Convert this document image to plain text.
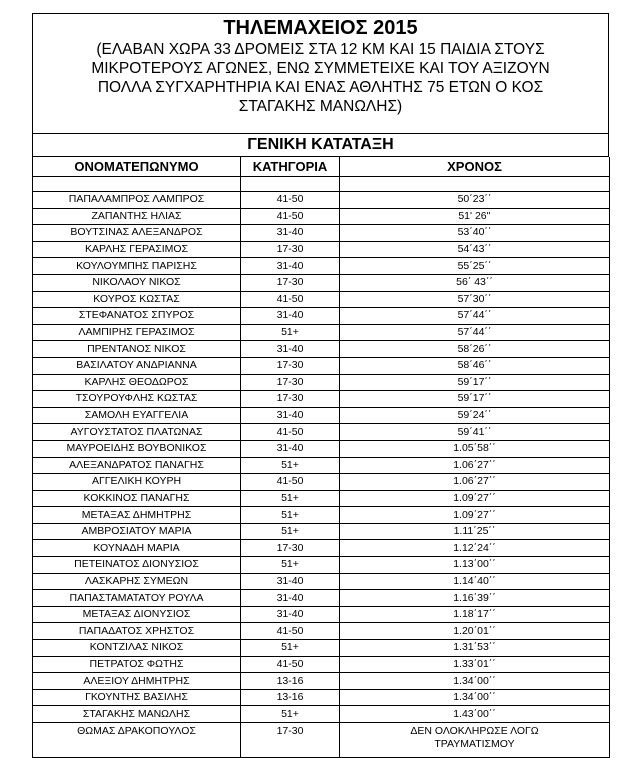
ΤΗΛΕΜΑΧΕΙΟΣ 2015
(ΕΛΑΒΑΝ ΧΩΡΑ 33 ΔΡΟΜΕΙΣ ΣΤΑ 12 ΚΜ ΚΑΙ 15 ΠΑΙΔΙΑ ΣΤΟΥΣ
ΜΙΚΡΟΤΕΡΟΥΣ ΑΓΩΝΕΣ, ΕΝΩ ΣΥΜΜΕΤΕΙΧΕ ΚΑΙ ΤΟΥ ΑΞΙΖΟΥΝ
ΠΟΛΛΑ ΣΥΓΧΑΡΗΤΗΡΙΑ ΚΑΙ ΕΝΑΣ ΑΘΛΗΤΗΣ 75 ΕΤΩΝ Ο ΚΟΣ
ΣΤΑΓΑΚΗΣ ΜΑΝΩΛΗΣ)
ΓΕΝΙΚΗ ΚΑΤΑΤΑΞΗ
ΟΝΟΜΑΤΕΠΩΝΥΜΟ	ΚΑΤΗΓΟΡΙΑ	ΧΡΟΝΟΣ

ΠΑΠΑΛΑΜΠΡΟΣ ΛΑΜΠΡΟΣ	41-50	50΄23΄΄
ΖΑΠΑΝΤΗΣ ΗΛΙΑΣ	41-50	51' 26''
ΒΟΥΤΣΙΝΑΣ ΑΛΕΞΑΝΔΡΟΣ	31-40	53΄40΄΄
ΚΑΡΛΗΣ ΓΕΡΑΣΙΜΟΣ	17-30	54΄43΄΄
ΚΟΥΛΟΥΜΠΗΣ ΠΑΡΙΣΗΣ	31-40	55΄25΄΄
ΝΙΚΟΛΑΟΥ ΝΙΚΟΣ	17-30	56΄ 43΄΄
ΚΟΥΡΟΣ ΚΩΣΤΑΣ	41-50	57΄30΄΄
ΣΤΕΦΑΝΑΤΟΣ ΣΠΥΡΟΣ	31-40	57΄44΄΄
ΛΑΜΠΙΡΗΣ ΓΕΡΑΣΙΜΟΣ	51+	57΄44΄΄
ΠΡΕΝΤΑΝΟΣ ΝΙΚΟΣ	31-40	58΄26΄΄
ΒΑΣΙΛΑΤΟΥ ΑΝΔΡΙΑΝΝΑ	17-30	58΄46΄΄
ΚΑΡΛΗΣ ΘΕΟΔΩΡΟΣ	17-30	59΄17΄΄
ΤΣΟΥΡΟΥΦΛΗΣ ΚΩΣΤΑΣ	17-30	59΄17΄΄
ΣΑΜΟΛΗ ΕΥΑΓΓΕΛΙΑ	31-40	59΄24΄΄
ΑΥΓΟΥΣΤΑΤΟΣ ΠΛΑΤΩΝΑΣ	41-50	59΄41΄΄
ΜΑΥΡΟΕΙΔΗΣ ΒΟΥΒΟΝΙΚΟΣ	31-40	1.05΄58΄΄
ΑΛΕΞΑΝΔΡΑΤΟΣ ΠΑΝΑΓΗΣ	51+	1.06΄27΄΄
ΑΓΓΕΛΙΚΗ ΚΟΥΡΗ	41-50	1.06΄27΄΄
ΚΟΚΚΙΝΟΣ ΠΑΝΑΓΗΣ	51+	1.09΄27΄΄
ΜΕΤΑΞΑΣ ΔΗΜΗΤΡΗΣ	51+	1.09΄27΄΄
ΑΜΒΡΟΣΙΑΤΟΥ ΜΑΡΙΑ	51+	1.11΄25΄΄
ΚΟΥΝΑΔΗ ΜΑΡΙΑ	17-30	1.12΄24΄΄
ΠΕΤΕΙΝΑΤΟΣ ΔΙΟΝΥΣΙΟΣ	51+	1.13΄00΄΄
ΛΑΣΚΑΡΗΣ ΣΥΜΕΩΝ	31-40	1.14΄40΄΄
ΠΑΠΑΣΤΑΜΑΤΑΤΟΥ ΡΟΥΛΑ	31-40	1.16΄39΄΄
ΜΕΤΑΞΑΣ ΔΙΟΝΥΣΙΟΣ	31-40	1.18΄17΄΄
ΠΑΠΑΔΑΤΟΣ ΧΡΗΣΤΟΣ	41-50	1.20΄01΄΄
ΚΟΝΤΖΙΛΑΣ ΝΙΚΟΣ	51+	1.31΄53΄΄
ΠΕΤΡΑΤΟΣ ΦΩΤΗΣ	41-50	1.33΄01΄΄
ΑΛΕΞΙΟΥ ΔΗΜΗΤΡΗΣ	13-16	1.34΄00΄΄
ΓΚΟΥΝΤΗΣ ΒΑΣΙΛΗΣ	13-16	1.34΄00΄΄
ΣΤΑΓΑΚΗΣ ΜΑΝΩΛΗΣ	51+	1.43΄00΄΄
ΘΩΜΑΣ ΔΡΑΚΟΠΟΥΛΟΣ	17-30	ΔΕΝ ΟΛΟΚΛΗΡΩΣΕ ΛΟΓΩ
ΤΡΑΥΜΑΤΙΣΜΟΥ
